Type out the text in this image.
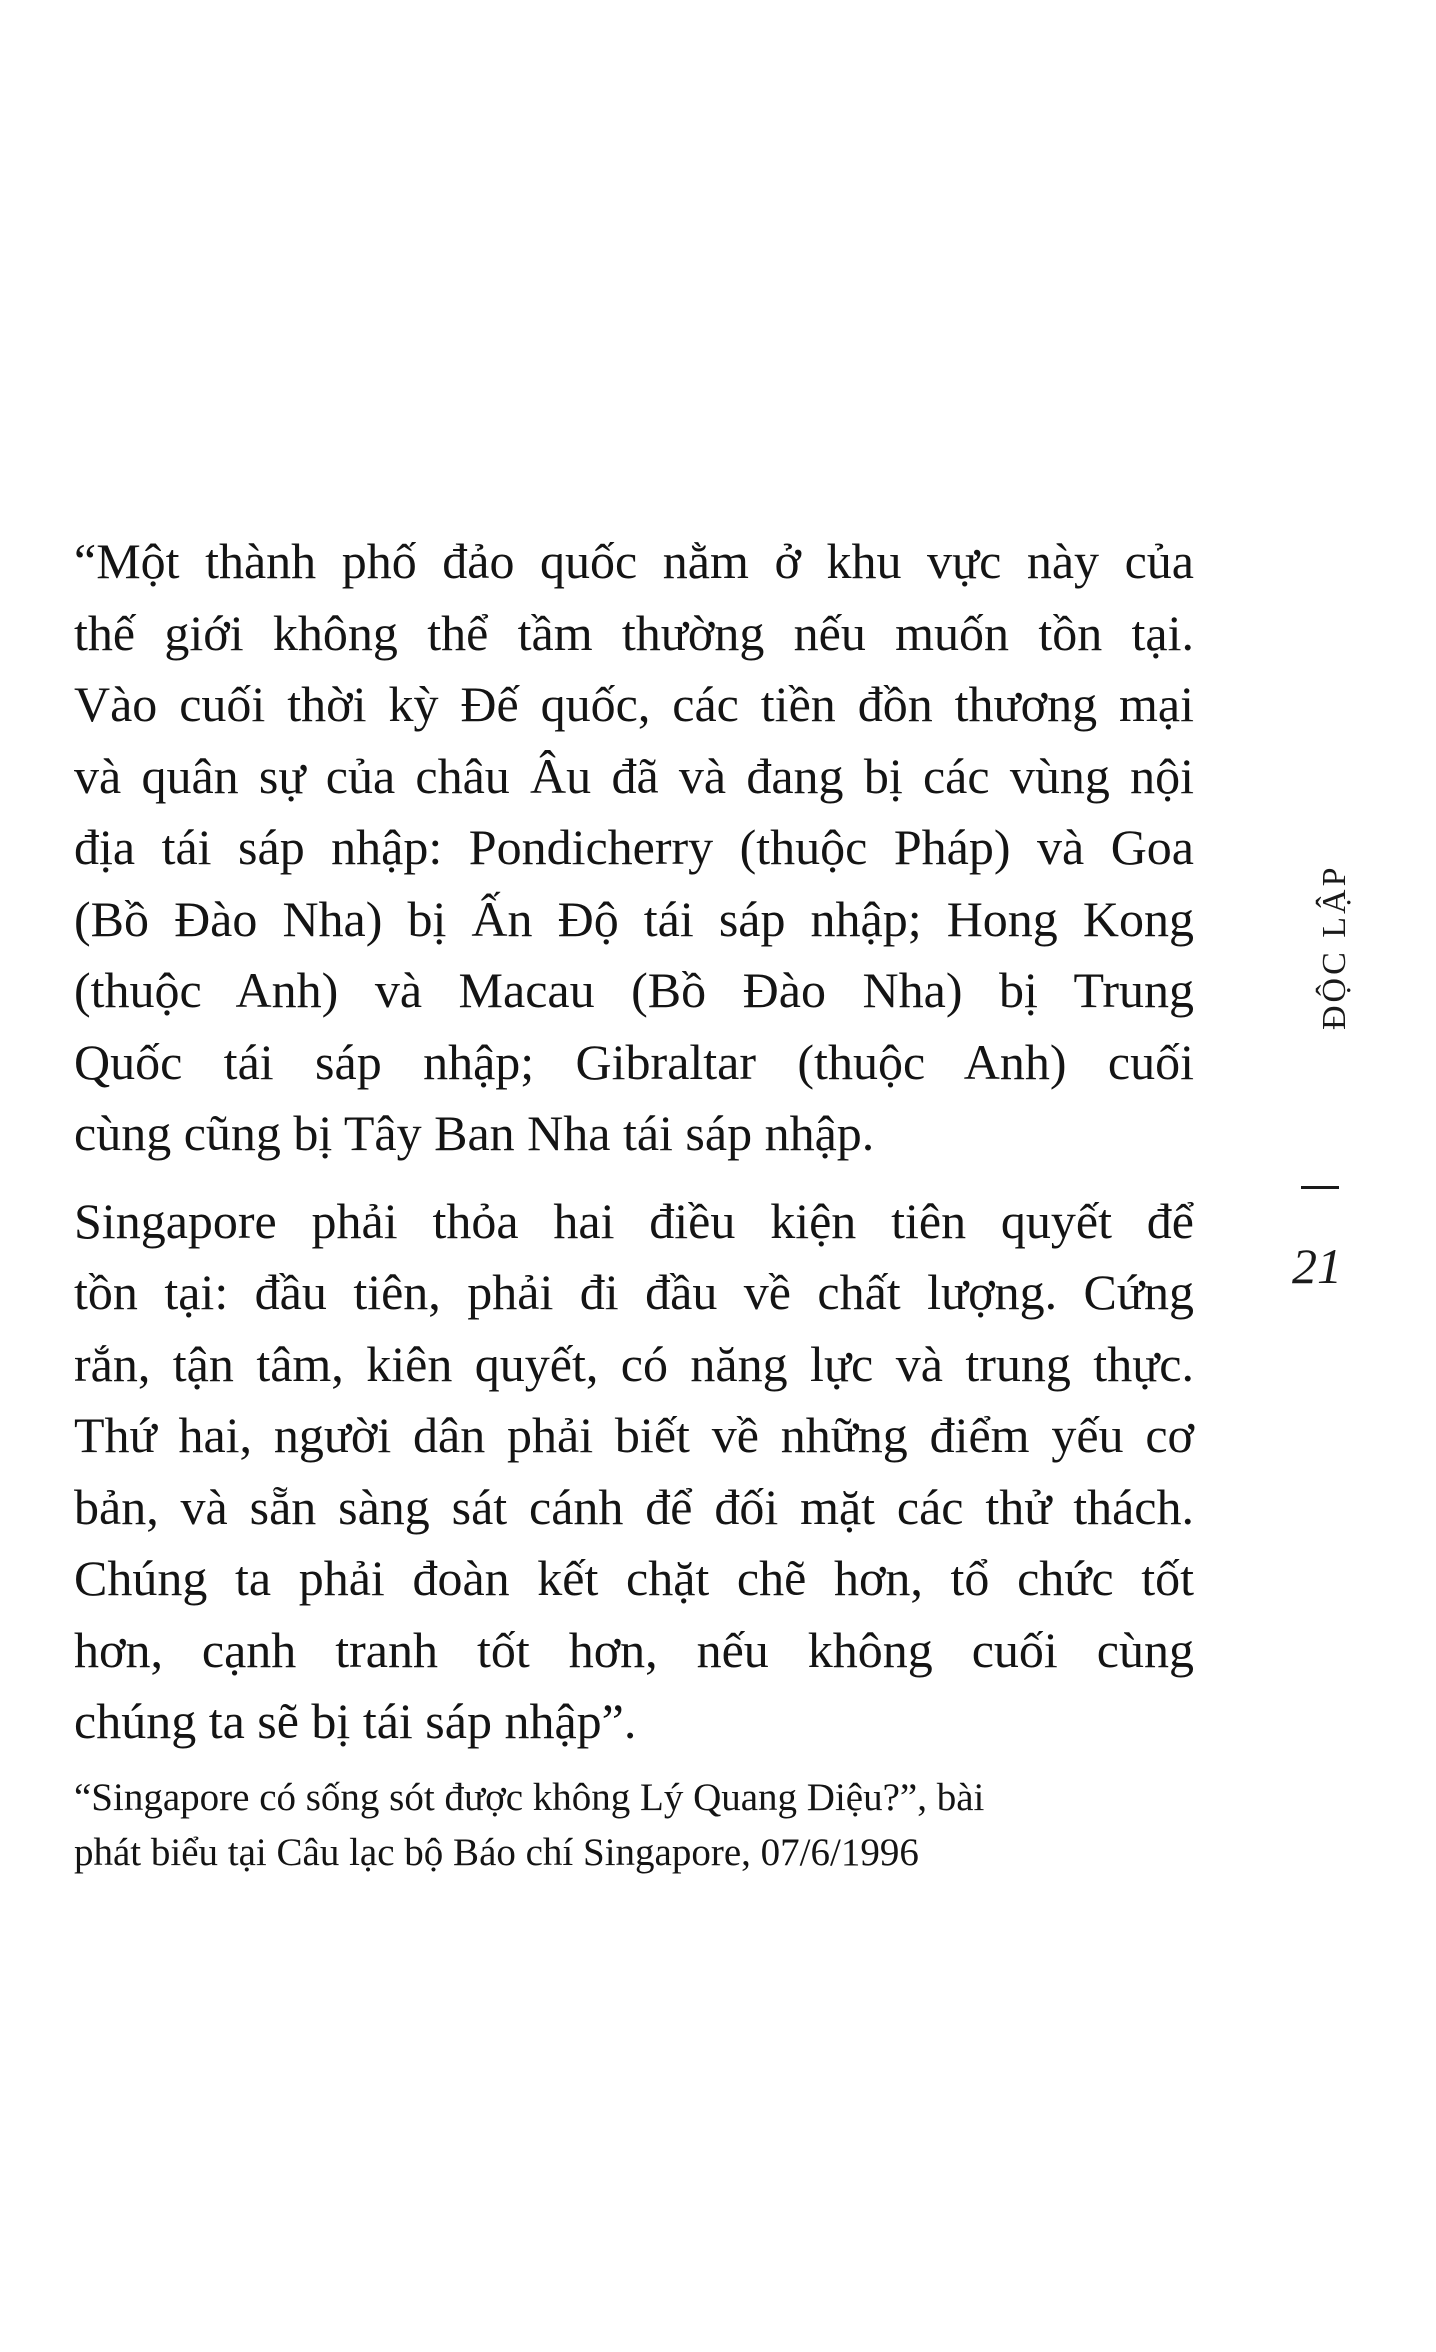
“Một thành phố đảo quốc nằm ở khu vực này của
thế giới không thể tầm thường nếu muốn tồn tại.
Vào cuối thời kỳ Đế quốc, các tiền đồn thương mại
và quân sự của châu Âu đã và đang bị các vùng nội
địa tái sáp nhập: Pondicherry (thuộc Pháp) và Goa
(Bồ Đào Nha) bị Ấn Độ tái sáp nhập; Hong Kong
(thuộc Anh) và Macau (Bồ Đào Nha) bị Trung
Quốc tái sáp nhập; Gibraltar (thuộc Anh) cuối
cùng cũng bị Tây Ban Nha tái sáp nhập.
Singapore phải thỏa hai điều kiện tiên quyết để
tồn tại: đầu tiên, phải đi đầu về chất lượng. Cứng
rắn, tận tâm, kiên quyết, có năng lực và trung thực.
Thứ hai, người dân phải biết về những điểm yếu cơ
bản, và sẵn sàng sát cánh để đối mặt các thử thách.
Chúng ta phải đoàn kết chặt chẽ hơn, tổ chức tốt
hơn, cạnh tranh tốt hơn, nếu không cuối cùng
chúng ta sẽ bị tái sáp nhập”.
“Singapore có sống sót được không Lý Quang Diệu?”, bài
phát biểu tại Câu lạc bộ Báo chí Singapore, 07/6/1996
ĐỘC LẬP
21
